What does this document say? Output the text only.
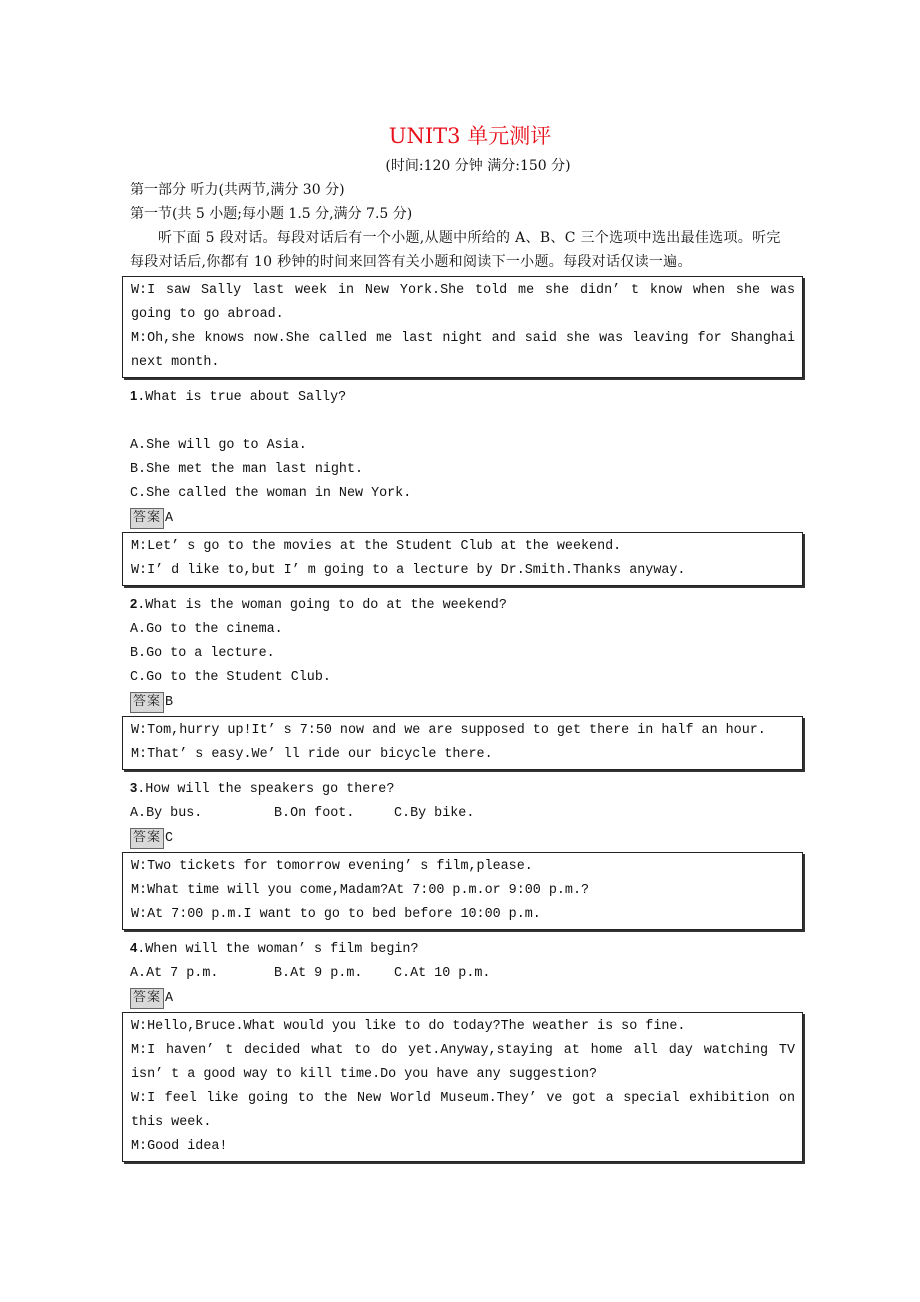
UNIT3 单元测评
(时间:120 分钟 满分:150 分)
第一部分 听力(共两节,满分 30 分)
第一节(共 5 小题;每小题 1.5 分,满分 7.5 分)
听下面 5 段对话。每段对话后有一个小题,从题中所给的 A、B、C 三个选项中选出最佳选项。听完每段对话后,你都有 10 秒钟的时间来回答有关小题和阅读下一小题。每段对话仅读一遍。
W:I saw Sally last week in New York.She told me she didn’ t know when she was going to go abroad.
M:Oh,she knows now.She called me last night and said she was leaving for Shanghai next month.
1.What is true about Sally?
A.She will go to Asia.
B.She met the man last night.
C.She called the woman in New York.
答案 A
M:Let’ s go to the movies at the Student Club at the weekend.
W:I’ d like to,but I’ m going to a lecture by Dr.Smith.Thanks anyway.
2.What is the woman going to do at the weekend?
A.Go to the cinema.
B.Go to a lecture.
C.Go to the Student Club.
答案 B
W:Tom,hurry up!It’ s 7:50 now and we are supposed to get there in half an hour.
M:That’ s easy.We’ ll ride our bicycle there.
3.How will the speakers go there?
A.By bus.	B.On foot.	C.By bike.
答案 C
W:Two tickets for tomorrow evening’ s film,please.
M:What time will you come,Madam?At 7:00 p.m.or 9:00 p.m.?
W:At 7:00 p.m.I want to go to bed before 10:00 p.m.
4.When will the woman’ s film begin?
A.At 7 p.m.	B.At 9 p.m.	C.At 10 p.m.
答案 A
W:Hello,Bruce.What would you like to do today?The weather is so fine.
M:I haven’ t decided what to do yet.Anyway,staying at home all day watching TV isn’ t a good way to kill time.Do you have any suggestion?
W:I feel like going to the New World Museum.They’ ve got a special exhibition on this week.
M:Good idea!
